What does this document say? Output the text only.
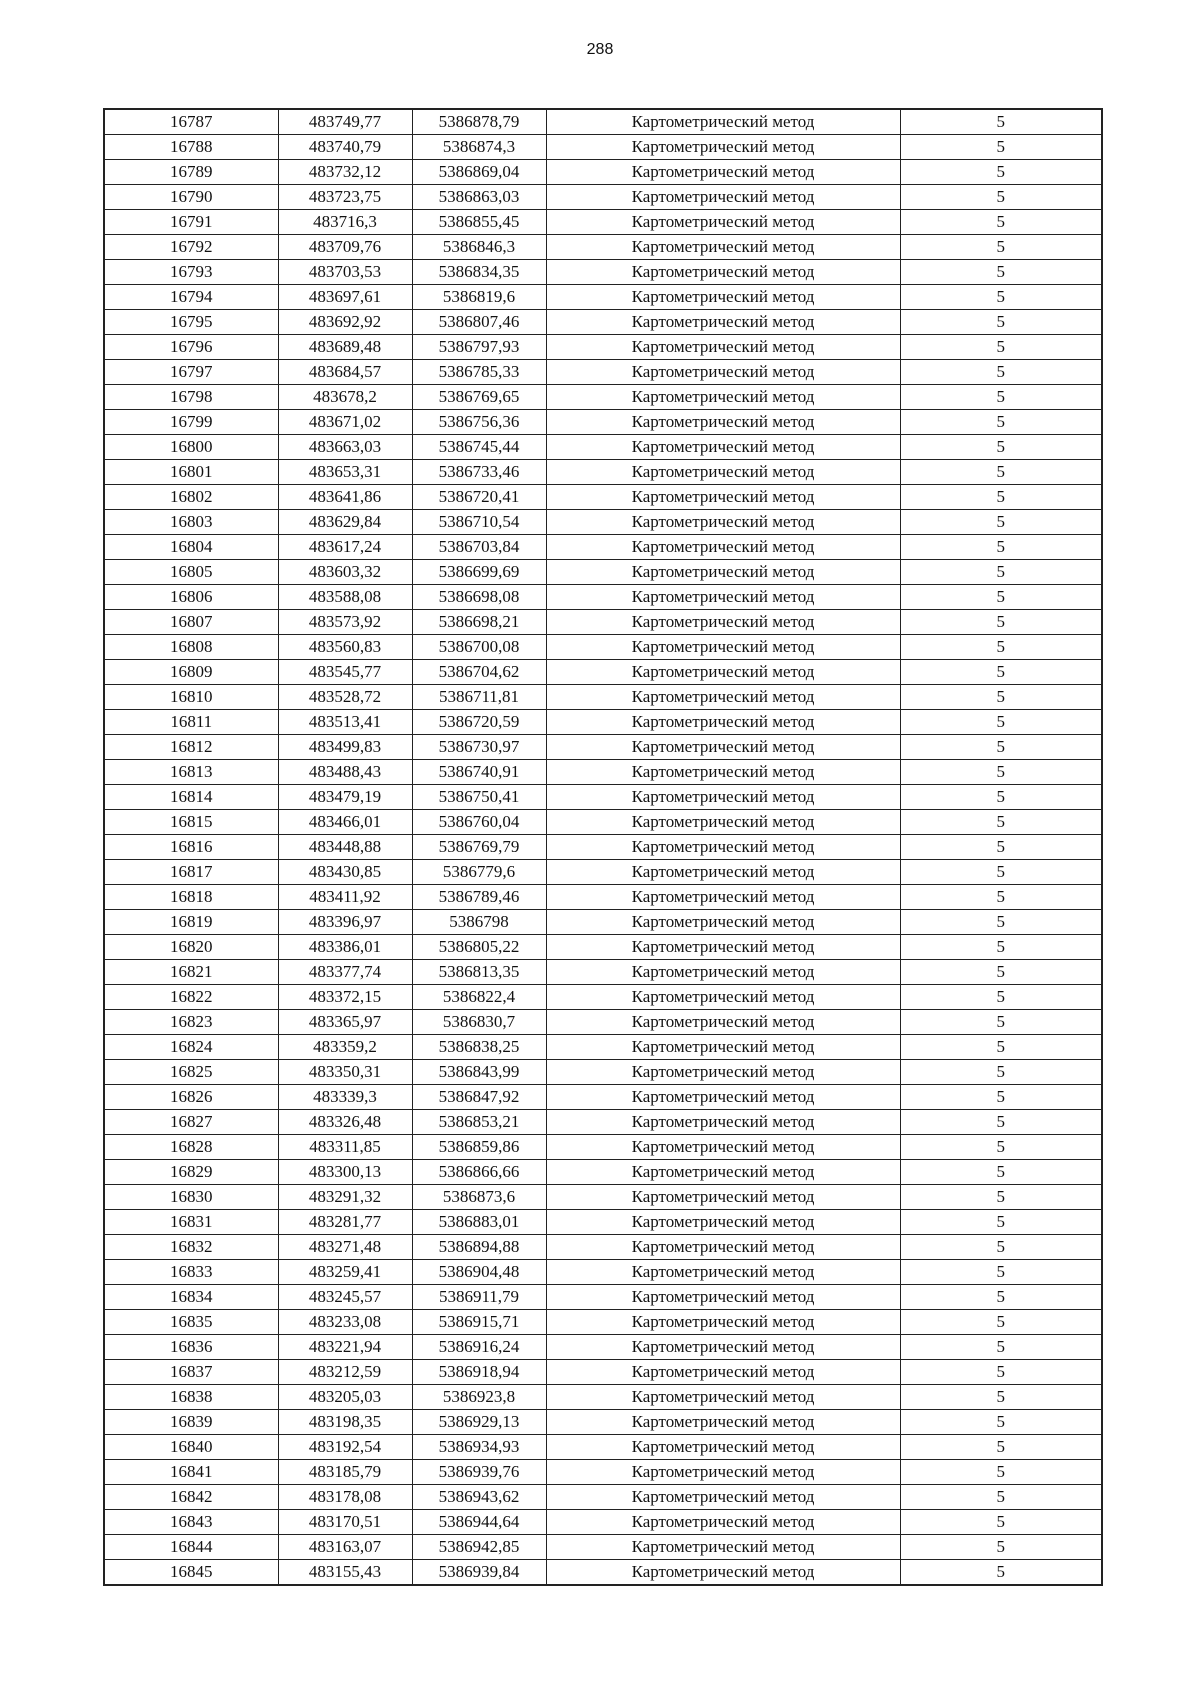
288
16787	483749,77	5386878,79	Картометрический метод	5
16788	483740,79	5386874,3	Картометрический метод	5
16789	483732,12	5386869,04	Картометрический метод	5
16790	483723,75	5386863,03	Картометрический метод	5
16791	483716,3	5386855,45	Картометрический метод	5
16792	483709,76	5386846,3	Картометрический метод	5
16793	483703,53	5386834,35	Картометрический метод	5
16794	483697,61	5386819,6	Картометрический метод	5
16795	483692,92	5386807,46	Картометрический метод	5
16796	483689,48	5386797,93	Картометрический метод	5
16797	483684,57	5386785,33	Картометрический метод	5
16798	483678,2	5386769,65	Картометрический метод	5
16799	483671,02	5386756,36	Картометрический метод	5
16800	483663,03	5386745,44	Картометрический метод	5
16801	483653,31	5386733,46	Картометрический метод	5
16802	483641,86	5386720,41	Картометрический метод	5
16803	483629,84	5386710,54	Картометрический метод	5
16804	483617,24	5386703,84	Картометрический метод	5
16805	483603,32	5386699,69	Картометрический метод	5
16806	483588,08	5386698,08	Картометрический метод	5
16807	483573,92	5386698,21	Картометрический метод	5
16808	483560,83	5386700,08	Картометрический метод	5
16809	483545,77	5386704,62	Картометрический метод	5
16810	483528,72	5386711,81	Картометрический метод	5
16811	483513,41	5386720,59	Картометрический метод	5
16812	483499,83	5386730,97	Картометрический метод	5
16813	483488,43	5386740,91	Картометрический метод	5
16814	483479,19	5386750,41	Картометрический метод	5
16815	483466,01	5386760,04	Картометрический метод	5
16816	483448,88	5386769,79	Картометрический метод	5
16817	483430,85	5386779,6	Картометрический метод	5
16818	483411,92	5386789,46	Картометрический метод	5
16819	483396,97	5386798	Картометрический метод	5
16820	483386,01	5386805,22	Картометрический метод	5
16821	483377,74	5386813,35	Картометрический метод	5
16822	483372,15	5386822,4	Картометрический метод	5
16823	483365,97	5386830,7	Картометрический метод	5
16824	483359,2	5386838,25	Картометрический метод	5
16825	483350,31	5386843,99	Картометрический метод	5
16826	483339,3	5386847,92	Картометрический метод	5
16827	483326,48	5386853,21	Картометрический метод	5
16828	483311,85	5386859,86	Картометрический метод	5
16829	483300,13	5386866,66	Картометрический метод	5
16830	483291,32	5386873,6	Картометрический метод	5
16831	483281,77	5386883,01	Картометрический метод	5
16832	483271,48	5386894,88	Картометрический метод	5
16833	483259,41	5386904,48	Картометрический метод	5
16834	483245,57	5386911,79	Картометрический метод	5
16835	483233,08	5386915,71	Картометрический метод	5
16836	483221,94	5386916,24	Картометрический метод	5
16837	483212,59	5386918,94	Картометрический метод	5
16838	483205,03	5386923,8	Картометрический метод	5
16839	483198,35	5386929,13	Картометрический метод	5
16840	483192,54	5386934,93	Картометрический метод	5
16841	483185,79	5386939,76	Картометрический метод	5
16842	483178,08	5386943,62	Картометрический метод	5
16843	483170,51	5386944,64	Картометрический метод	5
16844	483163,07	5386942,85	Картометрический метод	5
16845	483155,43	5386939,84	Картометрический метод	5
